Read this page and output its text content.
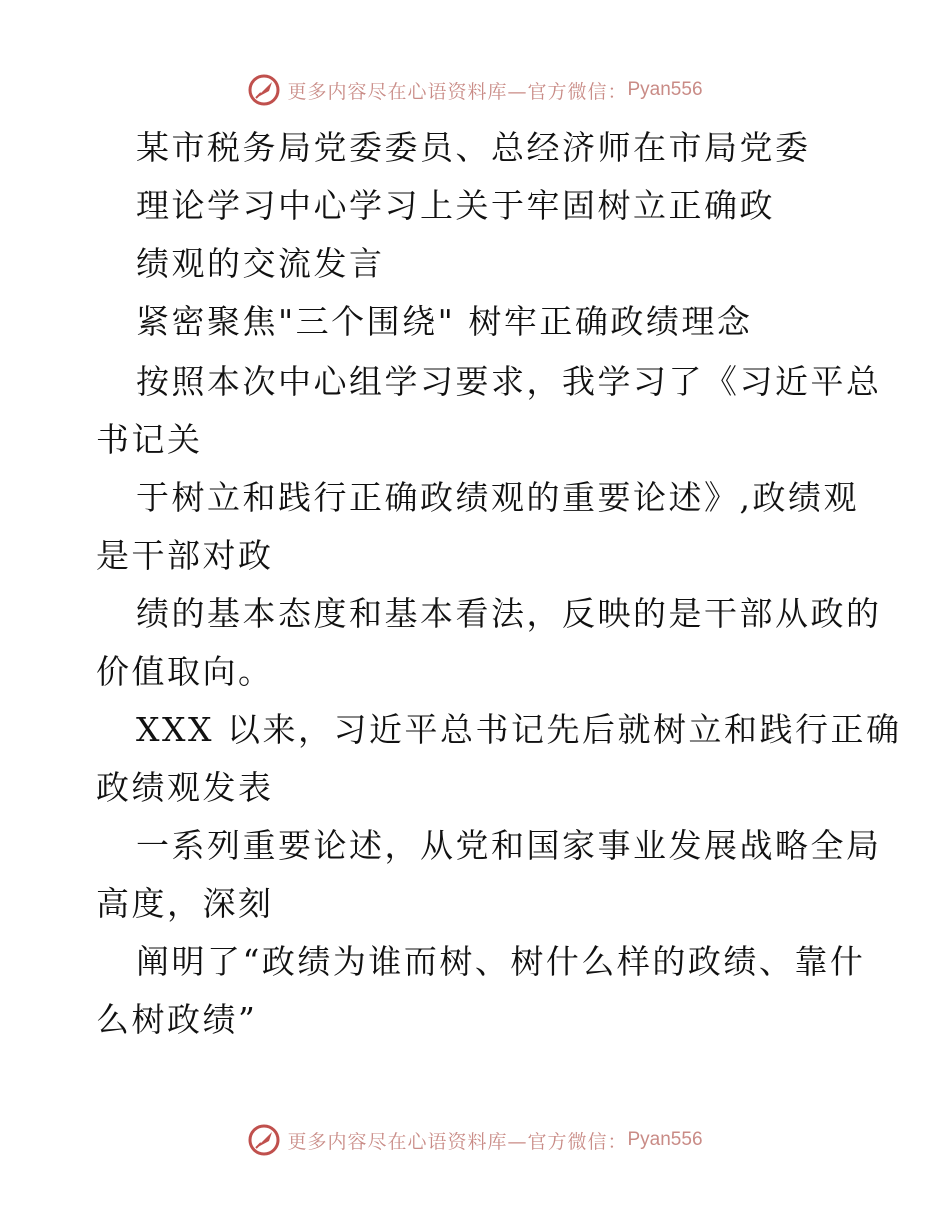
更多内容尽在心语资料库—官方微信： Pyan556
某市税务局党委委员、总经济师在市局党委
理论学习中心学习上关于牢固树立正确政
绩观的交流发言
紧密聚焦"三个围绕" 树牢正确政绩理念
按照本次中心组学习要求，我学习了《习近平总
书记关
于树立和践行正确政绩观的重要论述》,政绩观
是干部对政
绩的基本态度和基本看法，反映的是干部从政的
价值取向。
XXX 以来，习近平总书记先后就树立和践行正确
政绩观发表
一系列重要论述，从党和国家事业发展战略全局
高度，深刻
阐明了“政绩为谁而树、树什么样的政绩、靠什
么树政绩”
更多内容尽在心语资料库—官方微信： Pyan556
